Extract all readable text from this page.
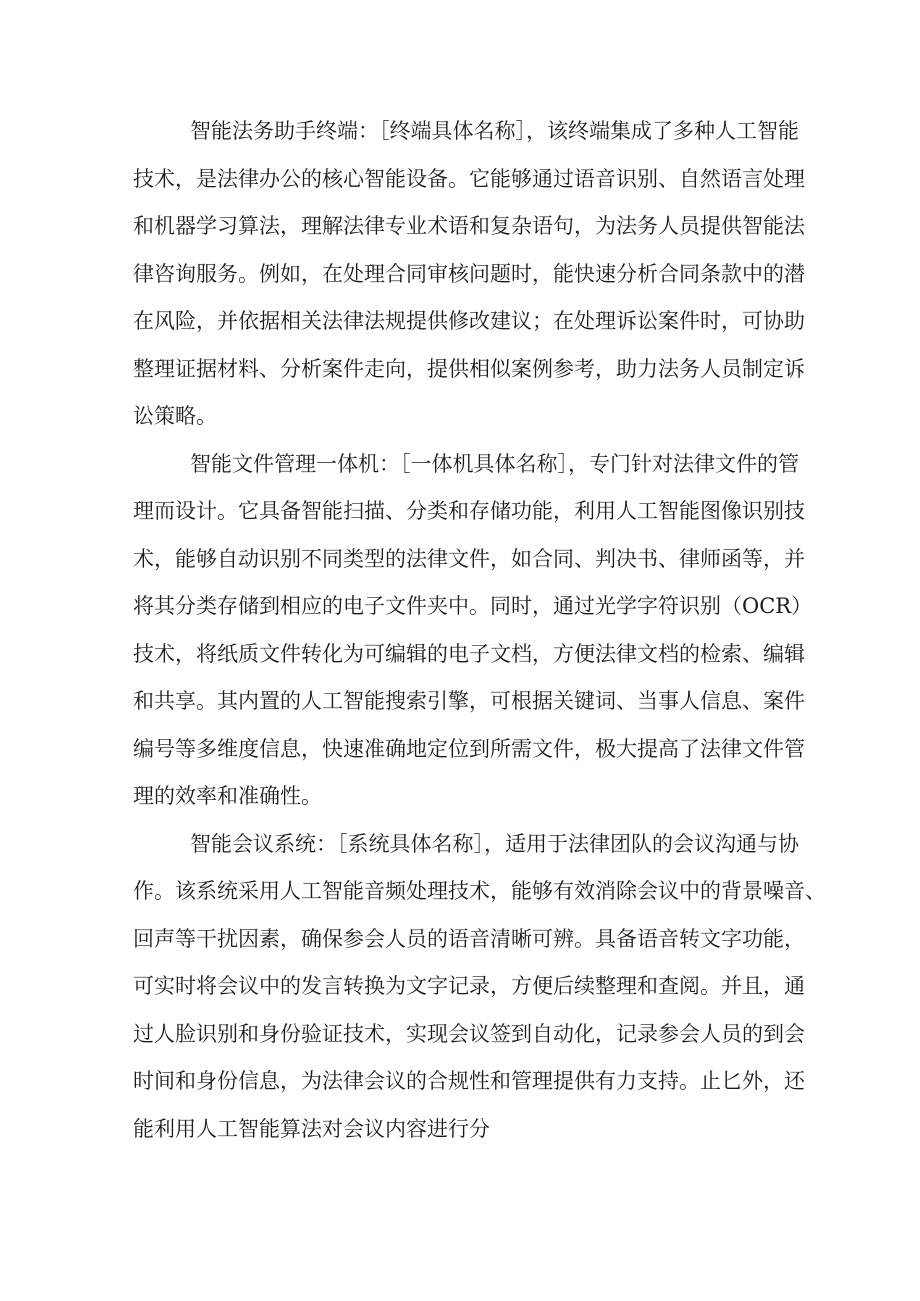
智能法务助手终端：［终端具体名称］，该终端集成了多种人工智能
技术，是法律办公的核心智能设备。它能够通过语音识别、自然语言处理
和机器学习算法，理解法律专业术语和复杂语句，为法务人员提供智能法
律咨询服务。例如，在处理合同审核问题时，能快速分析合同条款中的潜
在风险，并依据相关法律法规提供修改建议；在处理诉讼案件时，可协助
整理证据材料、分析案件走向，提供相似案例参考，助力法务人员制定诉
讼策略。
智能文件管理一体机：［一体机具体名称］，专门针对法律文件的管
理而设计。它具备智能扫描、分类和存储功能，利用人工智能图像识别技
术，能够自动识别不同类型的法律文件，如合同、判决书、律师函等，并
将其分类存储到相应的电子文件夹中。同时，通过光学字符识别（OCR）
技术，将纸质文件转化为可编辑的电子文档，方便法律文档的检索、编辑
和共享。其内置的人工智能搜索引擎，可根据关键词、当事人信息、案件
编号等多维度信息，快速准确地定位到所需文件，极大提高了法律文件管
理的效率和准确性。
智能会议系统：［系统具体名称］，适用于法律团队的会议沟通与协
作。该系统采用人工智能音频处理技术，能够有效消除会议中的背景噪音、
回声等干扰因素，确保参会人员的语音清晰可辨。具备语音转文字功能，
可实时将会议中的发言转换为文字记录，方便后续整理和查阅。并且，通
过人脸识别和身份验证技术，实现会议签到自动化，记录参会人员的到会
时间和身份信息，为法律会议的合规性和管理提供有力支持。止匕外，还
能利用人工智能算法对会议内容进行分
